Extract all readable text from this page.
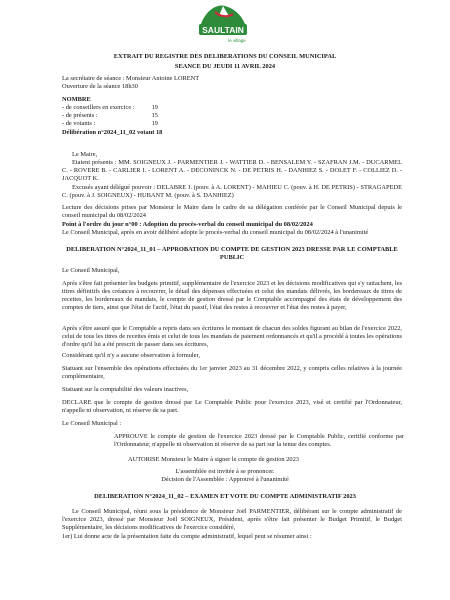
SAULTAIN
le village
EXTRAIT DU REGISTRE DES DELIBERATIONS DU CONSEIL MUNICIPAL
SEANCE DU JEUDI 11 AVRIL 2024
La secrétaire de séance : Monsieur Antoine LORENT
Ouverture de la séance 18h30
NOMBRE
- de conseillers en exercice :	19
- de présents :	15
- de votants :	19
Délibération n°2024_11_02 votant 18
Le Maire,
Etaient présents : MM. SOIGNEUX J. - PARMENTIER J. - WATTIER D. - BENSALEM Y. - SZAFRAN J.M. - DUCARMEL C. - ROVERE B. - CARLIER I. - LORENT A. - DECONINCK N. - DE PETRIS H. - DANHIEZ S. - DOLET F. - COLLIEZ D. - JACQUOT K.
Excusés ayant délégué pouvoir : DELABRE J. (pouv. à A. LORENT) - MAHIEU C. (pouv. à H. DE PETRIS) - STRAGAPEDE C. (pouv. à J. SOIGNEUX) - HUBANT M. (pouv. à S. DANHIEZ)
Lecture des décisions prises par Monsieur le Maire dans le cadre de sa délégation conférée par le Conseil Municipal depuis le conseil municipal du 08/02/2024
Point à l'ordre du jour n°00 : Adoption du procès-verbal du conseil municipal du 08/02/2024
Le Conseil Municipal, après en avoir délibéré adopte le procès-verbal du conseil municipal du 08/02/2024 à l'unanimité
DELIBERATION N°2024_11_01 – APPROBATION DU COMPTE DE GESTION 2023 DRESSE PAR LE COMPTABLE PUBLIC
Le Conseil Municipal,
Après s'être fait présenter les budgets primitif, supplémentaire de l'exercice 2023 et les décisions modificatives qui s'y rattachent, les titres définitifs des créances à recouvrer, le détail des dépenses effectuées et celui des mandats délivrés, les bordereaux de titres de recettes, les bordereaux de mandats, le compte de gestion dressé par le Comptable accompagné des états de développement des comptes de tiers, ainsi que l'état de l'actif, l'état du passif, l'état des restes à recouvrer et l'état des restes à payer,
Après s'être assuré que le Comptable a repris dans ses écritures le montant de chacun des soldes figurant au bilan de l'exercice 2022, celui de tous les titres de recettes émis et celui de tous les mandats de paiement ordonnancés et qu'il a procédé à toutes les opérations d'ordre qu'il lui a été prescrit de passer dans ses écritures,
Considérant qu'il n'y a aucune observation à formuler,
Statuant sur l'ensemble des opérations effectuées du 1er janvier 2023 au 31 décembre 2022, y compris celles relatives à la journée complémentaire,
Statuant sur la comptabilité des valeurs inactives,
DECLARE que le compte de gestion dressé par Le Comptable Public pour l'exercice 2023, visé et certifié par l'Ordonnateur, n'appelle ni observation, ni réserve de sa part.
Le Conseil Municipal :
APPROUVE le compte de gestion de l'exercice 2023 dressé par le Comptable Public, certifié conforme par l'Ordonnateur, n'appelle ni observation ni réserve de sa part sur la tenue des comptes.
AUTORISE Monsieur le Maire à signer le compte de gestion 2023
L'assemblée est invitée à se prononcer.
Décision de l'Assemblée : Approuvé à l'unanimité
DELIBERATION N°2024_11_02 – EXAMEN ET VOTE DU COMPTE ADMINISTRATIF 2023
Le Conseil Municipal, réuni sous la présidence de Monsieur Joël PARMENTIER, délibérant sur le compte administratif de l'exercice 2023, dressé par Monsieur Joël SOIGNEUX, Président, après s'être fait présenter le Budget Primitif, le Budget Supplémentaire, les décisions modificatives de l'exercice considéré,
1er) Lui donne acte de la présentation faite du compte administratif, lequel peut se résumer ainsi :
